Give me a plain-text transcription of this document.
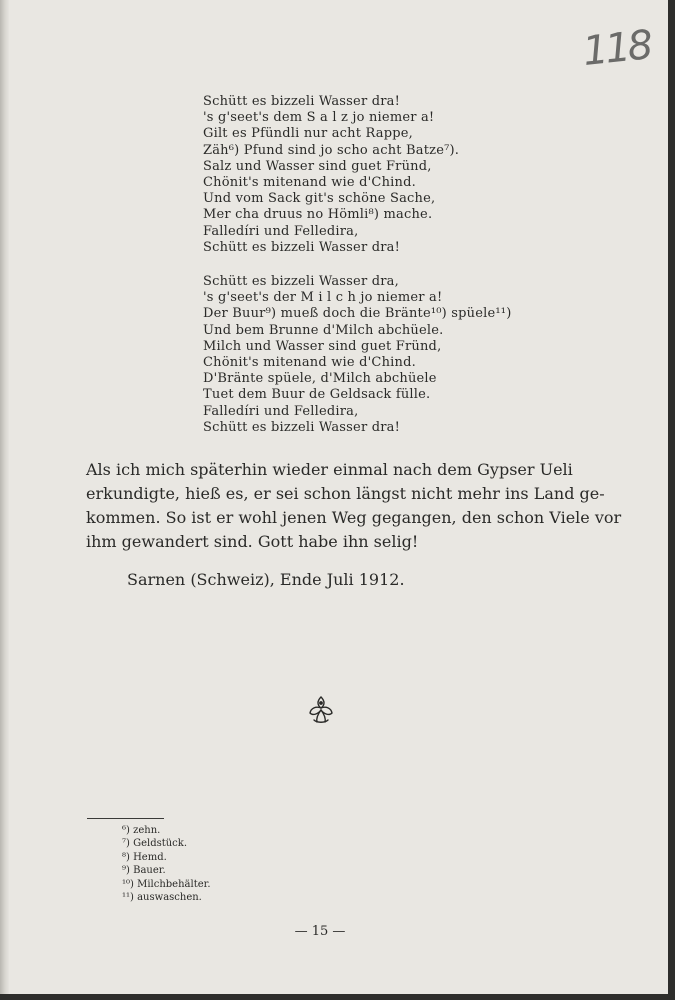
118
Schütt es bizzeli Wasser dra!
's g'seet's dem S a l z jo niemer a!
Gilt es Pfündli nur acht Rappe,
Zäh⁶) Pfund sind jo scho acht Batze⁷).
Salz und Wasser sind guet Fründ,
Chönit's mitenand wie d'Chind.
Und vom Sack git's schöne Sache,
Mer cha druus no Hömli⁸) mache.
Falledíri und Felledira,
Schütt es bizzeli Wasser dra!
Schütt es bizzeli Wasser dra,
's g'seet's der M i l c h jo niemer a!
Der Buur⁹) mueß doch die Bränte¹⁰) spüele¹¹)
Und bem Brunne d'Milch abchüele.
Milch und Wasser sind guet Fründ,
Chönit's mitenand wie d'Chind.
D'Bränte spüele, d'Milch abchüele
Tuet dem Buur de Geldsack fülle.
Falledíri und Felledira,
Schütt es bizzeli Wasser dra!
Als ich mich späterhin wieder einmal nach dem Gypser Ueli
erkundigte, hieß es, er sei schon längst nicht mehr ins Land ge-
kommen. So ist er wohl jenen Weg gegangen, den schon Viele vor
ihm gewandert sind. Gott habe ihn selig!
Sarnen (Schweiz), Ende Juli 1912.
⁶) zehn.
⁷) Geldstück.
⁸) Hemd.
⁹) Bauer.
¹⁰) Milchbehälter.
¹¹) auswaschen.
— 15 —
